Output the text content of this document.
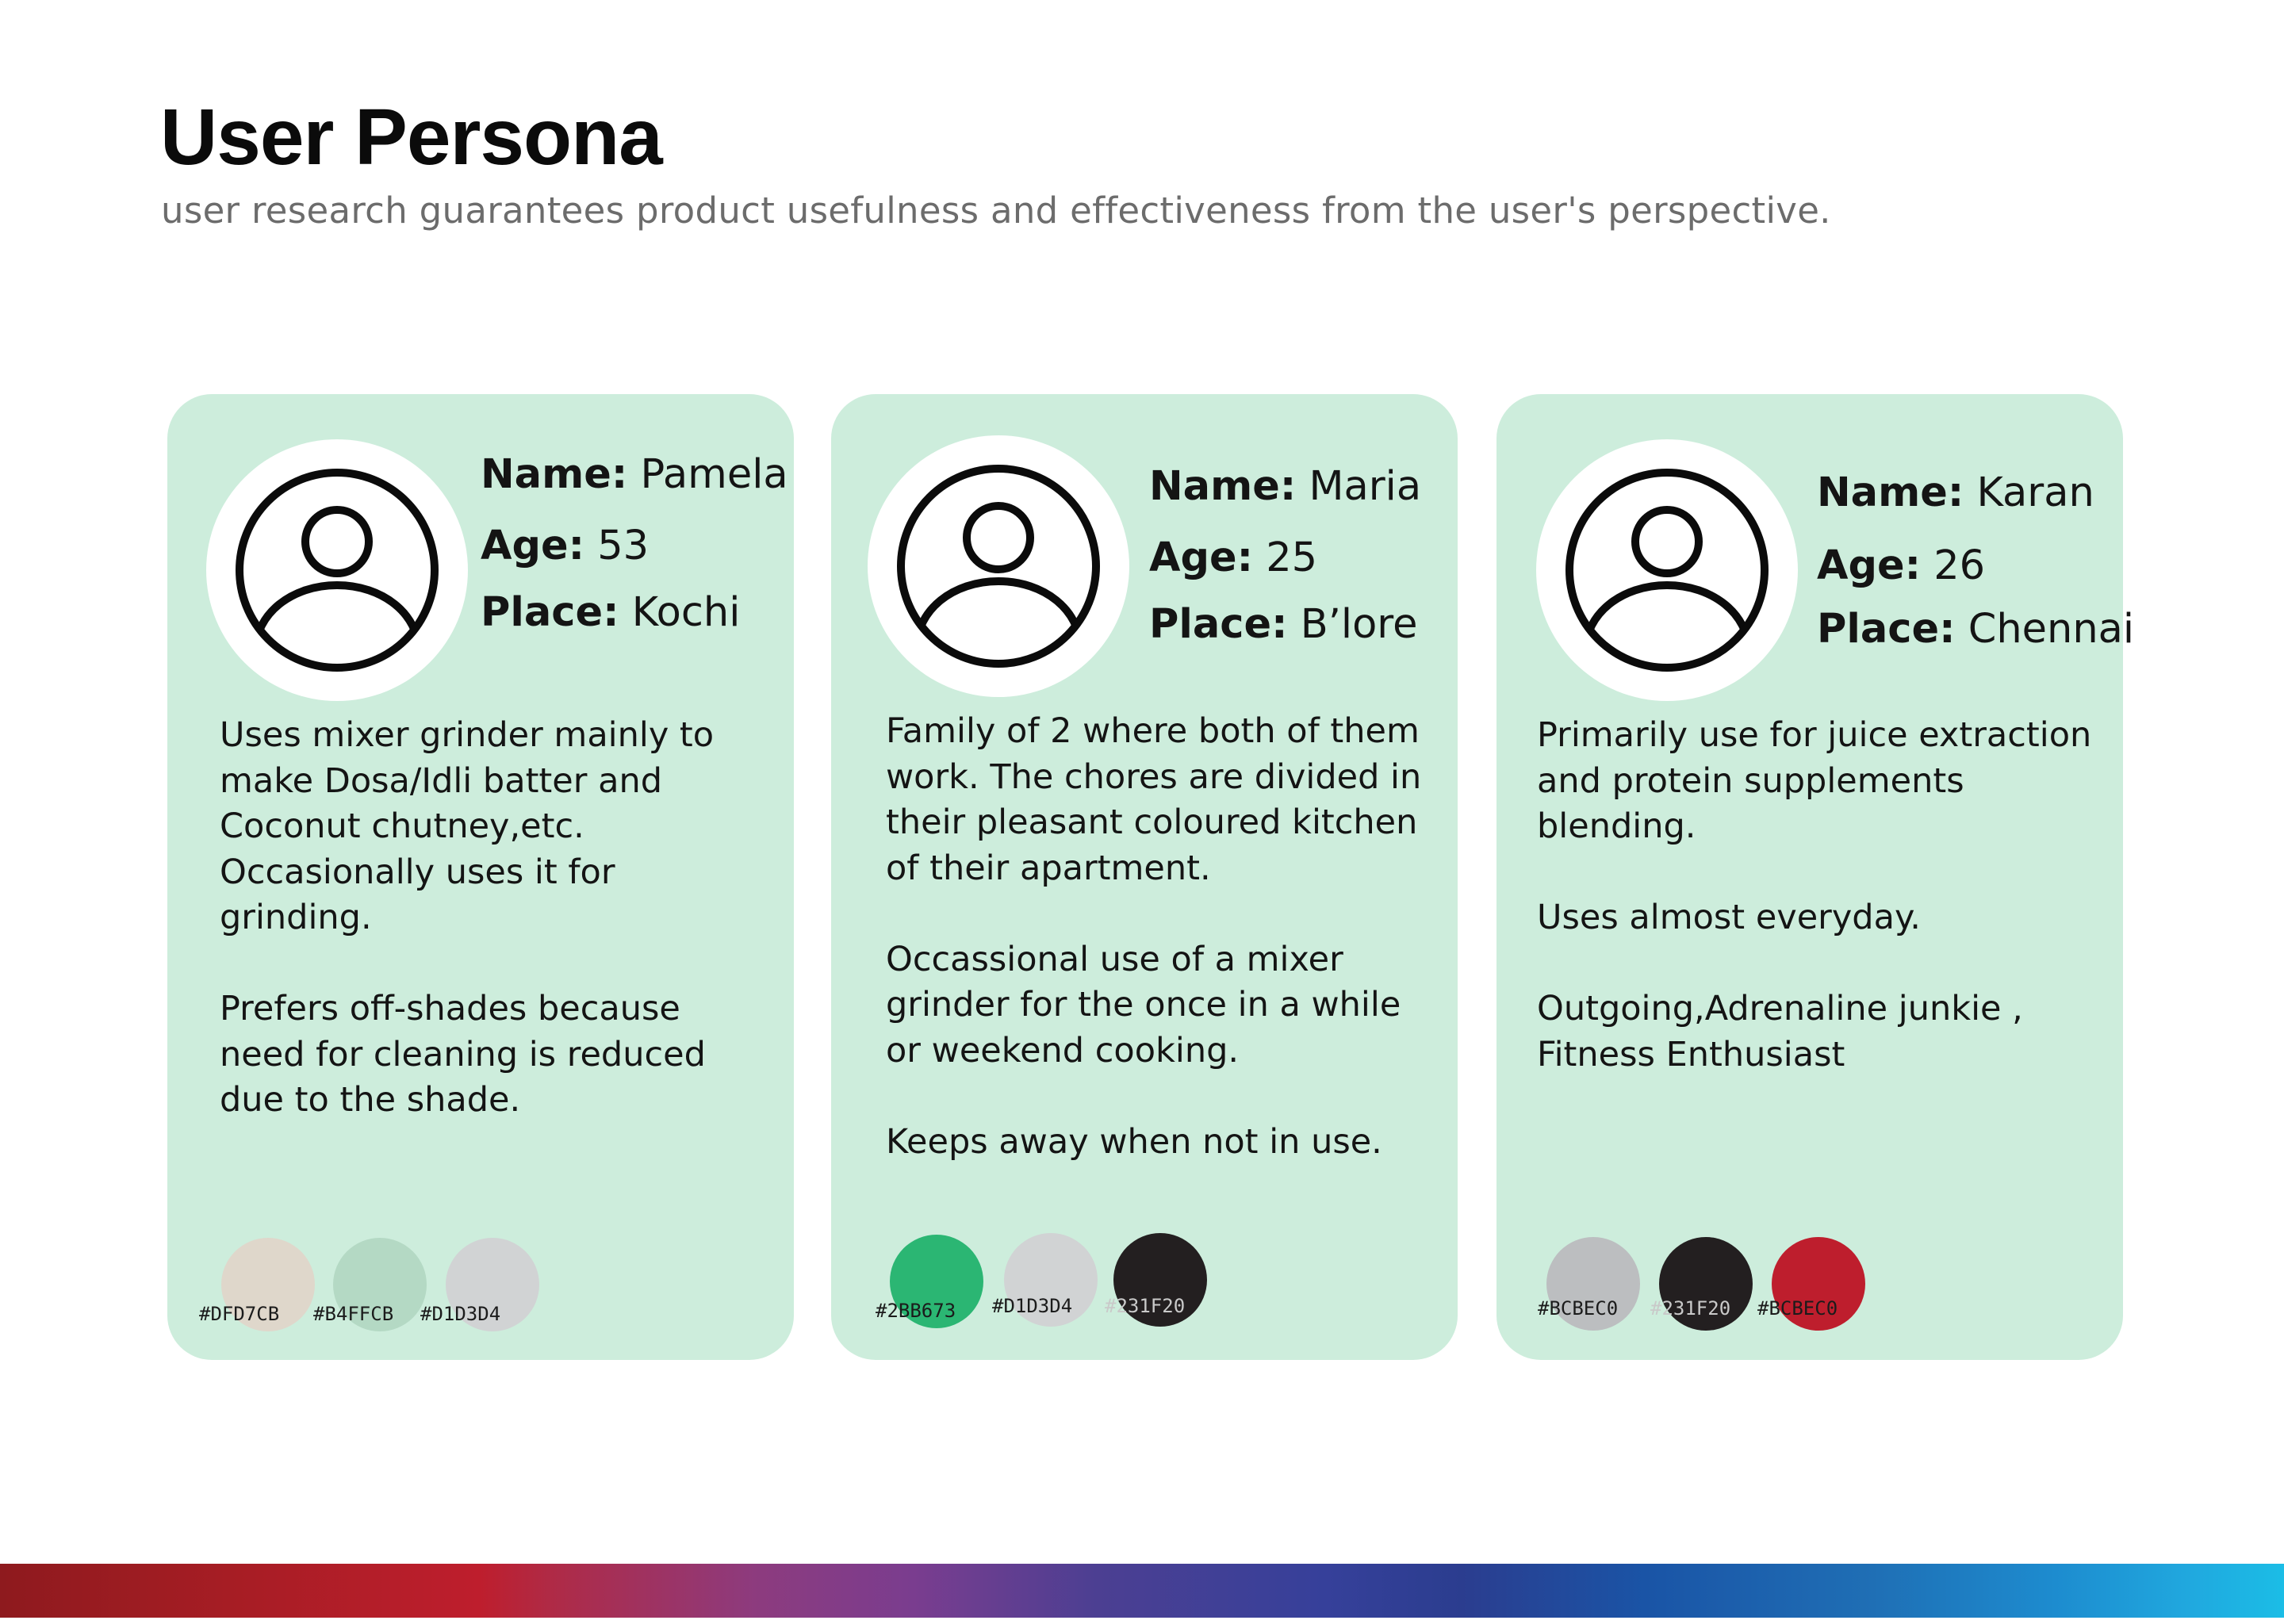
User Persona

user research guarantees product usefulness and effectiveness from the user's perspective.

Name: Pamela
Age: 53
Place: Kochi

Uses mixer grinder mainly to
make Dosa/Idli batter and
Coconut chutney,etc.
Occasionally uses it for
grinding.

Prefers off-shades because
need for cleaning is reduced
due to the shade.

#DFD7CB #B4FFCB #D1D3D4
Name: Maria
Age: 25
Place: B’lore

Family of 2 where both of them
work. The chores are divided in
their pleasant coloured kitchen
of their apartment.

Occassional use of a mixer
grinder for the once in a while
or weekend cooking.

Keeps away when not in use.

#2BB673 #D1D3D4 #231F20
Name: Karan
Age: 26
Place: Chennai

Primarily use for juice extraction
and protein supplements
blending.

Uses almost everyday.

Outgoing,Adrenaline junkie ,
Fitness Enthusiast

#BCBEC0 #231F20 #BCBEC0
